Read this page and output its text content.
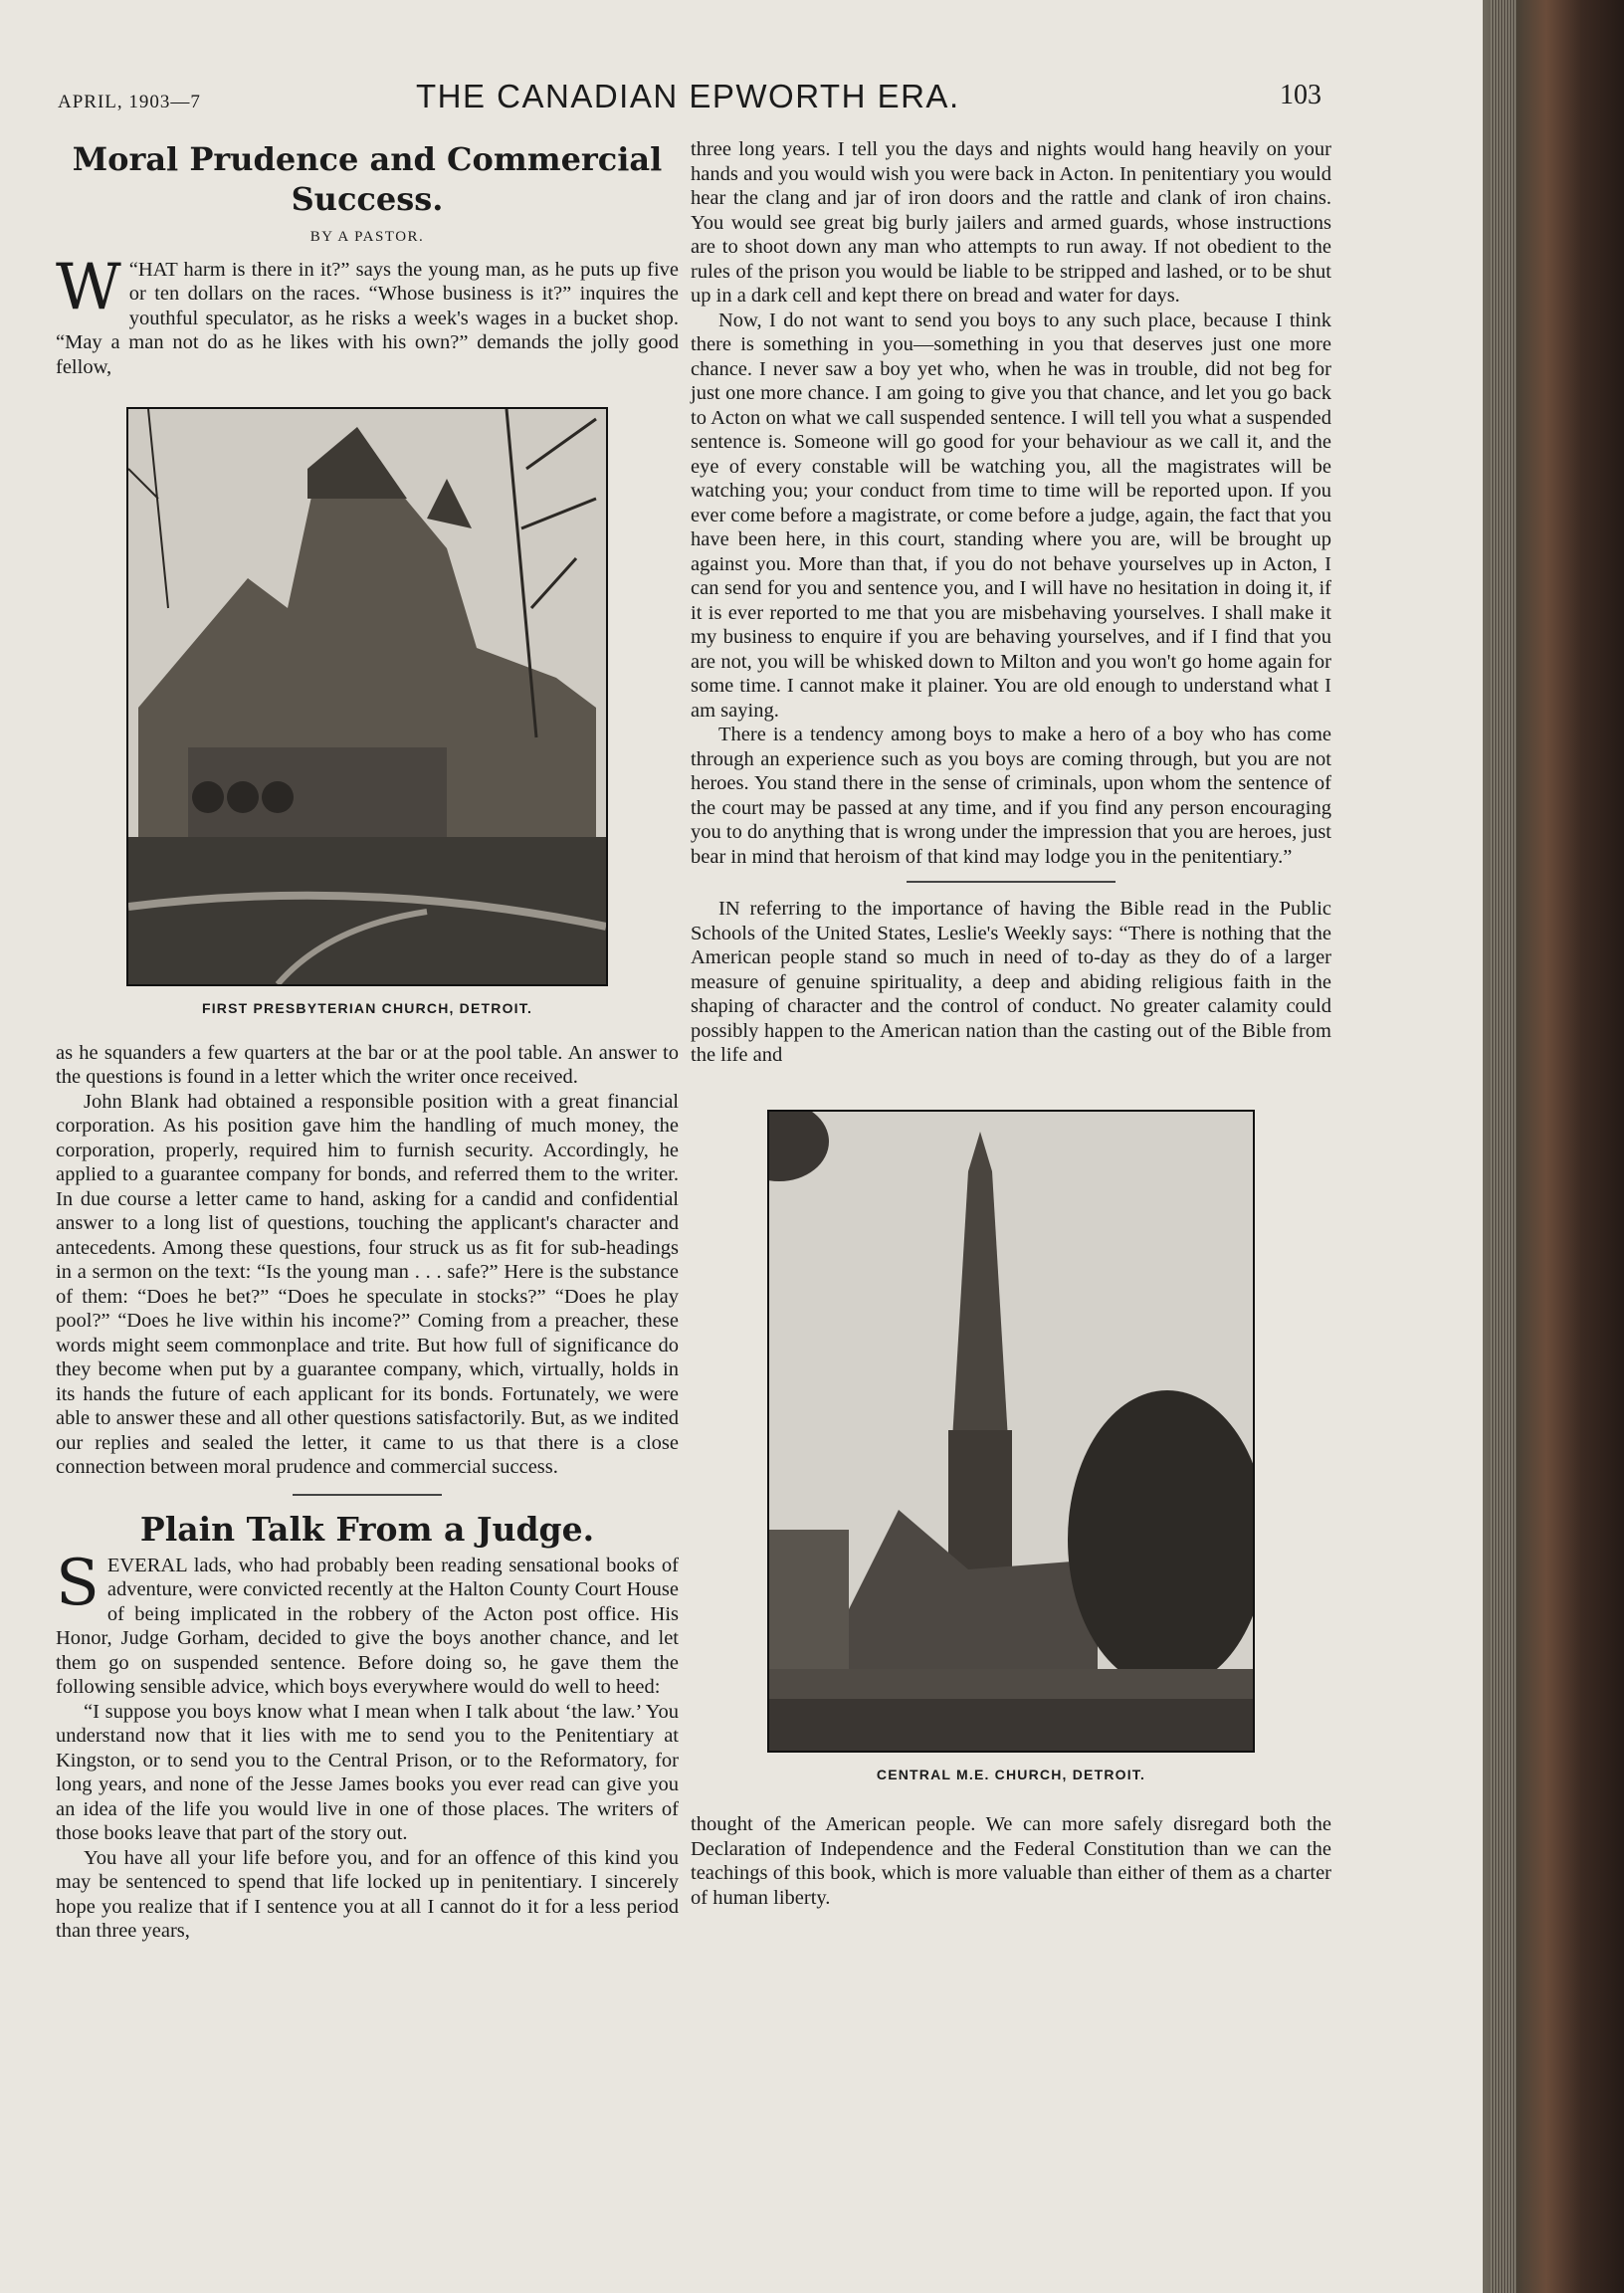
APRIL, 1903—7	THE CANADIAN EPWORTH ERA.	103
Moral Prudence and Commercial Success.
BY A PASTOR.

W “HAT harm is there in it?” says the young man, as he puts up five or ten dollars on the races. “Whose business is it?” inquires the youthful speculator, as he risks a week's wages in a bucket shop. “May a man not do as he likes with his own?” demands the jolly good fellow,

FIRST PRESBYTERIAN CHURCH, DETROIT.

as he squanders a few quarters at the bar or at the pool table. An answer to the questions is found in a letter which the writer once received.

John Blank had obtained a responsible position with a great financial corporation. As his position gave him the handling of much money, the corporation, properly, required him to furnish security. Accordingly, he applied to a guarantee company for bonds, and referred them to the writer. In due course a letter came to hand, asking for a candid and confidential answer to a long list of questions, touching the applicant's character and antecedents. Among these questions, four struck us as fit for sub-headings in a sermon on the text: “Is the young man . . . safe?” Here is the substance of them: “Does he bet?” “Does he speculate in stocks?” “Does he play pool?” “Does he live within his income?” Coming from a preacher, these words might seem commonplace and trite. But how full of significance do they become when put by a guarantee company, which, virtually, holds in its hands the future of each applicant for its bonds. Fortunately, we were able to answer these and all other questions satisfactorily. But, as we indited our replies and sealed the letter, it came to us that there is a close connection between moral prudence and commercial success.

Plain Talk From a Judge.

SEVERAL lads, who had probably been reading sensational books of adventure, were convicted recently at the Halton County Court House of being implicated in the robbery of the Acton post office. His Honor, Judge Gorham, decided to give the boys another chance, and let them go on suspended sentence. Before doing so, he gave them the following sensible advice, which boys everywhere would do well to heed:

“I suppose you boys know what I mean when I talk about ‘the law.’ You understand now that it lies with me to send you to the Penitentiary at Kingston, or to send you to the Central Prison, or to the Reformatory, for long years, and none of the Jesse James books you ever read can give you an idea of the life you would live in one of those places. The writers of those books leave that part of the story out.

You have all your life before you, and for an offence of this kind you may be sentenced to spend that life locked up in penitentiary. I sincerely hope you realize that if I sentence you at all I cannot do it for a less period than three years,

three long years. I tell you the days and nights would hang heavily on your hands and you would wish you were back in Acton. In penitentiary you would hear the clang and jar of iron doors and the rattle and clank of iron chains. You would see great big burly jailers and armed guards, whose instructions are to shoot down any man who attempts to run away. If not obedient to the rules of the prison you would be liable to be stripped and lashed, or to be shut up in a dark cell and kept there on bread and water for days.

Now, I do not want to send you boys to any such place, because I think there is something in you—something in you that deserves just one more chance. I never saw a boy yet who, when he was in trouble, did not beg for just one more chance. I am going to give you that chance, and let you go back to Acton on what we call suspended sentence. I will tell you what a suspended sentence is. Someone will go good for your behaviour as we call it, and the eye of every constable will be watching you, all the magistrates will be watching you; your conduct from time to time will be reported upon. If you ever come before a magistrate, or come before a judge, again, the fact that you have been here, in this court, standing where you are, will be brought up against you. More than that, if you do not behave yourselves up in Acton, I can send for you and sentence you, and I will have no hesitation in doing it, if it is ever reported to me that you are misbehaving yourselves. I shall make it my business to enquire if you are behaving yourselves, and if I find that you are not, you will be whisked down to Milton and you won't go home again for some time. I cannot make it plainer. You are old enough to understand what I am saying.

There is a tendency among boys to make a hero of a boy who has come through an experience such as you boys are coming through, but you are not heroes. You stand there in the sense of criminals, upon whom the sentence of the court may be passed at any time, and if you find any person encouraging you to do anything that is wrong under the impression that you are heroes, just bear in mind that heroism of that kind may lodge you in the penitentiary.”

IN referring to the importance of having the Bible read in the Public Schools of the United States, Leslie's Weekly says: “There is nothing that the American people stand so much in need of to-day as they do of a larger measure of genuine spirituality, a deep and abiding religious faith in the shaping of character and the control of conduct. No greater calamity could possibly happen to the American nation than the casting out of the Bible from the life and

CENTRAL M.E. CHURCH, DETROIT.

thought of the American people. We can more safely disregard both the Declaration of Independence and the Federal Constitution than we can the teachings of this book, which is more valuable than either of them as a charter of human liberty.
